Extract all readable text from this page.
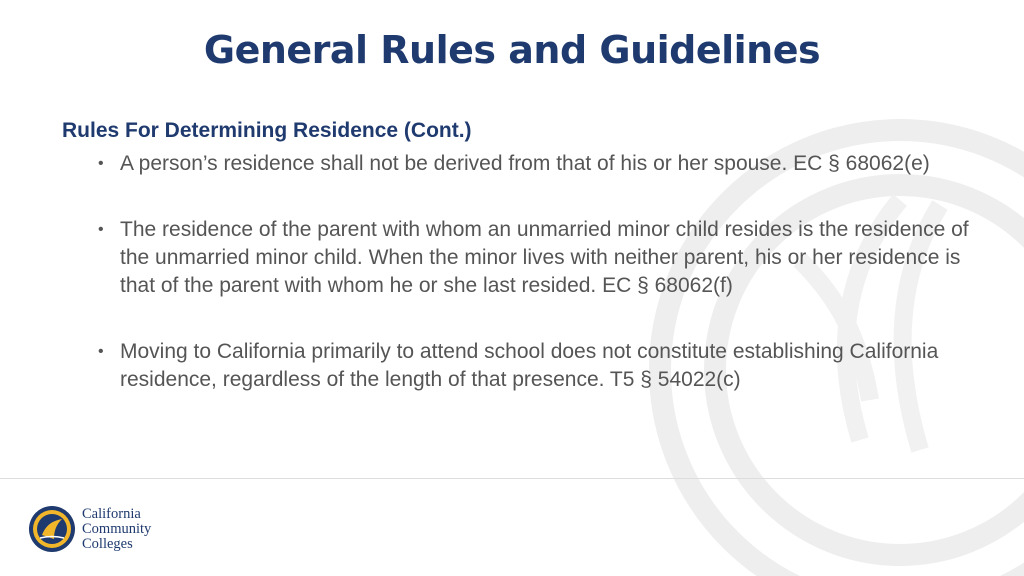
General Rules and Guidelines
Rules For Determining Residence (Cont.)
• A person’s residence shall not be derived from that of his or her spouse. EC § 68062(e)
• The residence of the parent with whom an unmarried minor child resides is the residence of the unmarried minor child. When the minor lives with neither parent, his or her residence is that of the parent with whom he or she last resided. EC § 68062(f)
• Moving to California primarily to attend school does not constitute establishing California residence, regardless of the length of that presence. T5 § 54022(c)
California
Community
Colleges
